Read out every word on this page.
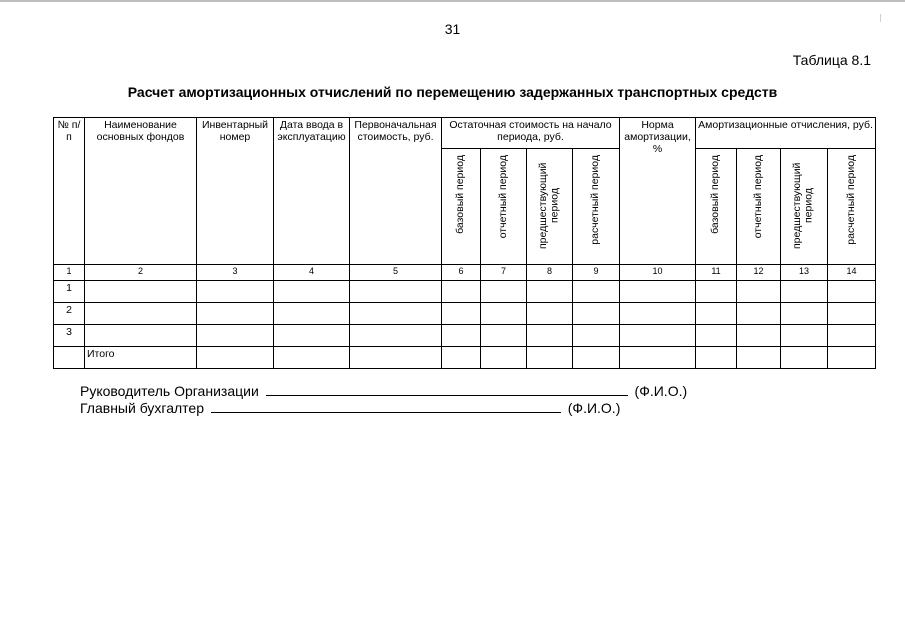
31
Таблица 8.1
Расчет амортизационных отчислений по перемещению задержанных транспортных средств
№ п/п	Наименование основных фондов	Инвентарный номер	Дата ввода в эксплуатацию	Первоначальная стоимость, руб.	Остаточная стоимость на начало периода, руб.				Норма амортизации, %	Амортизационные отчисления, руб.			
					базовый период	отчетный период	предшествующий период	расчетный период		базовый период	отчетный период	предшествующий период	расчетный период
1	2	3	4	5	6	7	8	9	10	11	12	13	14
1													
2													
3													
	Итого												
Руководитель Организации	(Ф.И.О.)
Главный бухгалтер	(Ф.И.О.)
